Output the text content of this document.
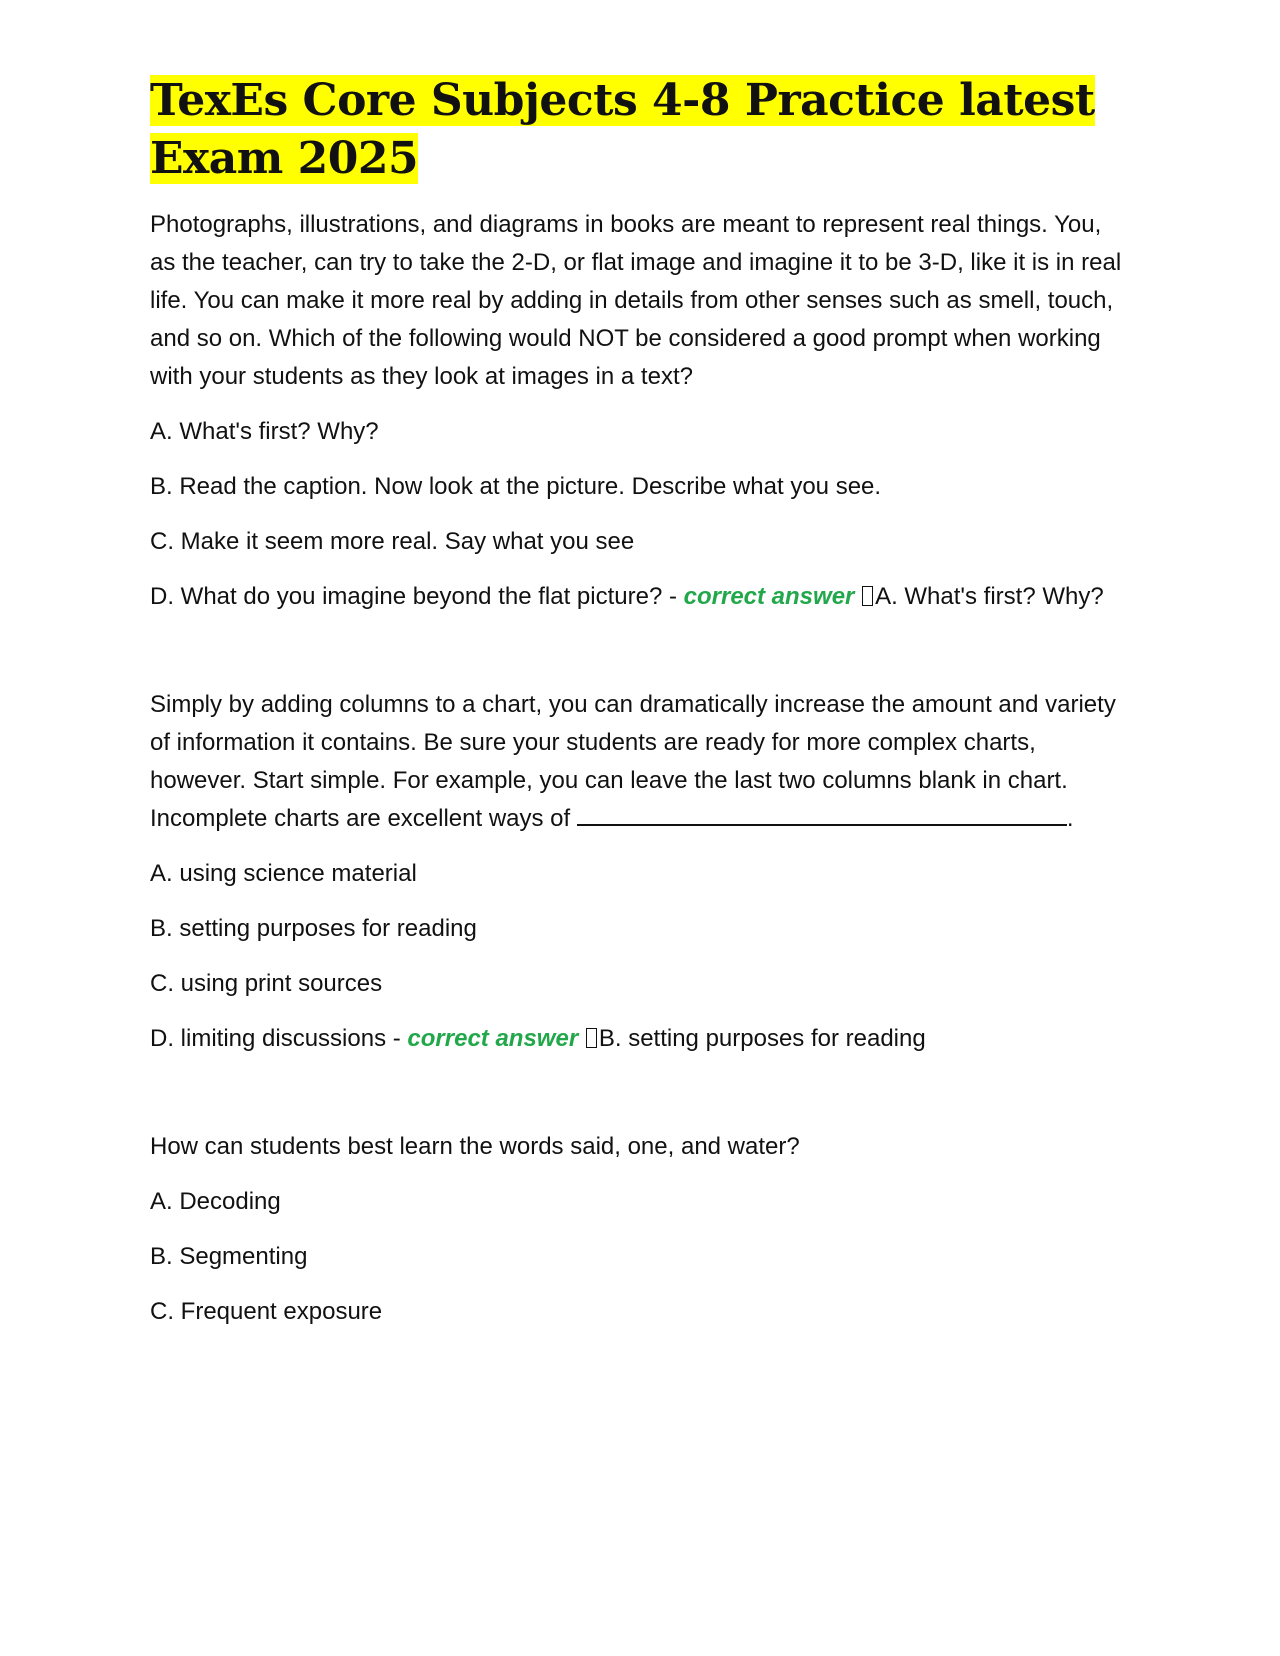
TexEs Core Subjects 4-8 Practice latest Exam 2025

Photographs, illustrations, and diagrams in books are meant to represent real things. You, as the teacher, can try to take the 2-D, or flat image and imagine it to be 3-D, like it is in real life. You can make it more real by adding in details from other senses such as smell, touch, and so on. Which of the following would NOT be considered a good prompt when working with your students as they look at images in a text?

A. What's first? Why?

B. Read the caption. Now look at the picture. Describe what you see.

C. Make it seem more real. Say what you see

D. What do you imagine beyond the flat picture? - correct answer A. What's first? Why?

Simply by adding columns to a chart, you can dramatically increase the amount and variety of information it contains. Be sure your students are ready for more complex charts, however. Start simple. For example, you can leave the last two columns blank in chart. Incomplete charts are excellent ways of	.

A. using science material

B. setting purposes for reading

C. using print sources

D. limiting discussions - correct answer B. setting purposes for reading

How can students best learn the words said, one, and water?

A. Decoding

B. Segmenting

C. Frequent exposure
